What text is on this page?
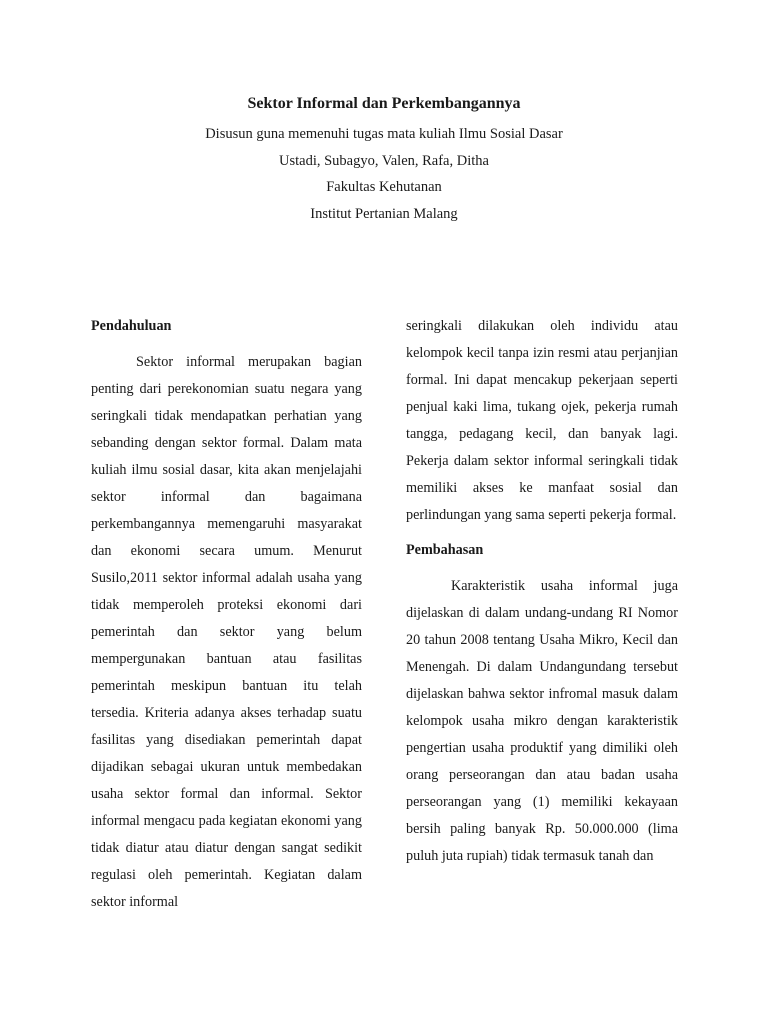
Sektor Informal dan Perkembangannya
Disusun guna memenuhi tugas mata kuliah Ilmu Sosial Dasar
Ustadi, Subagyo, Valen, Rafa, Ditha
Fakultas Kehutanan
Institut Pertanian Malang

Pendahuluan

Sektor informal merupakan bagian penting dari perekonomian suatu negara yang seringkali tidak mendapatkan perhatian yang sebanding dengan sektor formal. Dalam mata kuliah ilmu sosial dasar, kita akan menjelajahi sektor informal dan bagaimana perkembangannya memengaruhi masyarakat dan ekonomi secara umum. Menurut Susilo,2011 sektor informal adalah usaha yang tidak memperoleh proteksi ekonomi dari pemerintah dan sektor yang belum mempergunakan bantuan atau fasilitas pemerintah meskipun bantuan itu telah tersedia. Kriteria adanya akses terhadap suatu fasilitas yang disediakan pemerintah dapat dijadikan sebagai ukuran untuk membedakan usaha sektor formal dan informal. Sektor informal mengacu pada kegiatan ekonomi yang tidak diatur atau diatur dengan sangat sedikit regulasi oleh pemerintah. Kegiatan dalam sektor informal

seringkali dilakukan oleh individu atau kelompok kecil tanpa izin resmi atau perjanjian formal. Ini dapat mencakup pekerjaan seperti penjual kaki lima, tukang ojek, pekerja rumah tangga, pedagang kecil, dan banyak lagi. Pekerja dalam sektor informal seringkali tidak memiliki akses ke manfaat sosial dan perlindungan yang sama seperti pekerja formal.

Pembahasan

Karakteristik usaha informal juga dijelaskan di dalam undang-undang RI Nomor 20 tahun 2008 tentang Usaha Mikro, Kecil dan Menengah. Di dalam Undangundang tersebut dijelaskan bahwa sektor infromal masuk dalam kelompok usaha mikro dengan karakteristik pengertian usaha produktif yang dimiliki oleh orang perseorangan dan atau badan usaha perseorangan yang (1) memiliki kekayaan bersih paling banyak Rp. 50.000.000 (lima puluh juta rupiah) tidak termasuk tanah dan
